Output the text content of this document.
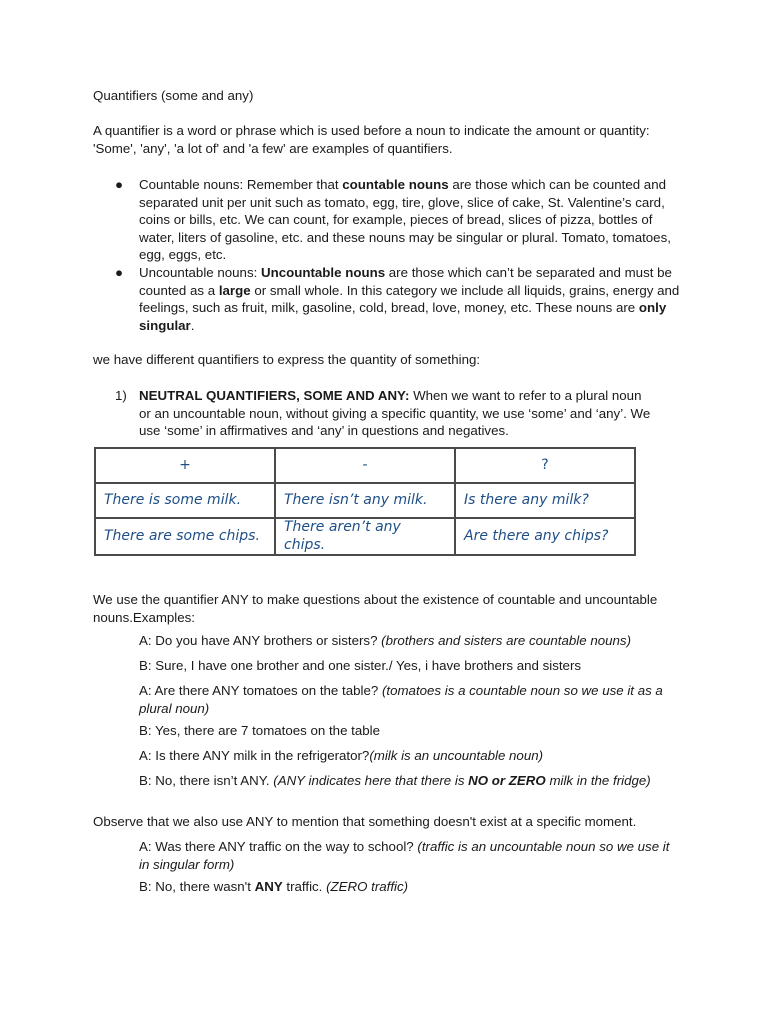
Quantifiers (some and any)

A quantifier is a word or phrase which is used before a noun to indicate the amount or quantity: 'Some', 'any', 'a lot of' and 'a few' are examples of quantifiers.

● Countable nouns: Remember that countable nouns are those which can be counted and separated unit per unit such as tomato, egg, tire, glove, slice of cake, St. Valentine’s card, coins or bills, etc. We can count, for example, pieces of bread, slices of pizza, bottles of water, liters of gasoline, etc. and these nouns may be singular or plural. Tomato, tomatoes, egg, eggs, etc.
● Uncountable nouns: Uncountable nouns are those which can’t be separated and must be counted as a large or small whole. In this category we include all liquids, grains, energy and feelings, such as fruit, milk, gasoline, cold, bread, love, money, etc. These nouns are only singular.

we have different quantifiers to express the quantity of something:

1) NEUTRAL QUANTIFIERS, SOME AND ANY: When we want to refer to a plural noun or an uncountable noun, without giving a specific quantity, we use ‘some’ and ‘any’. We use ‘some’ in affirmatives and ‘any’ in questions and negatives.
+	-	?
There is some milk.	There isn’t any milk.	Is there any milk?
There are some chips.	There aren’t any chips.	Are there any chips?

We use the quantifier ANY to make questions about the existence of countable and uncountable nouns.Examples:

A: Do you have ANY brothers or sisters? (brothers and sisters are countable nouns)

B: Sure, I have one brother and one sister./ Yes, i have brothers and sisters

A: Are there ANY tomatoes on the table? (tomatoes is a countable noun so we use it as a plural noun)

B: Yes, there are 7 tomatoes on the table

A: Is there ANY milk in the refrigerator?(milk is an uncountable noun)

B: No, there isn’t ANY. (ANY indicates here that there is NO or ZERO milk in the fridge)

Observe that we also use ANY to mention that something doesn't exist at a specific moment.

A: Was there ANY traffic on the way to school? (traffic is an uncountable noun so we use it in singular form)

B: No, there wasn't ANY traffic. (ZERO traffic)
